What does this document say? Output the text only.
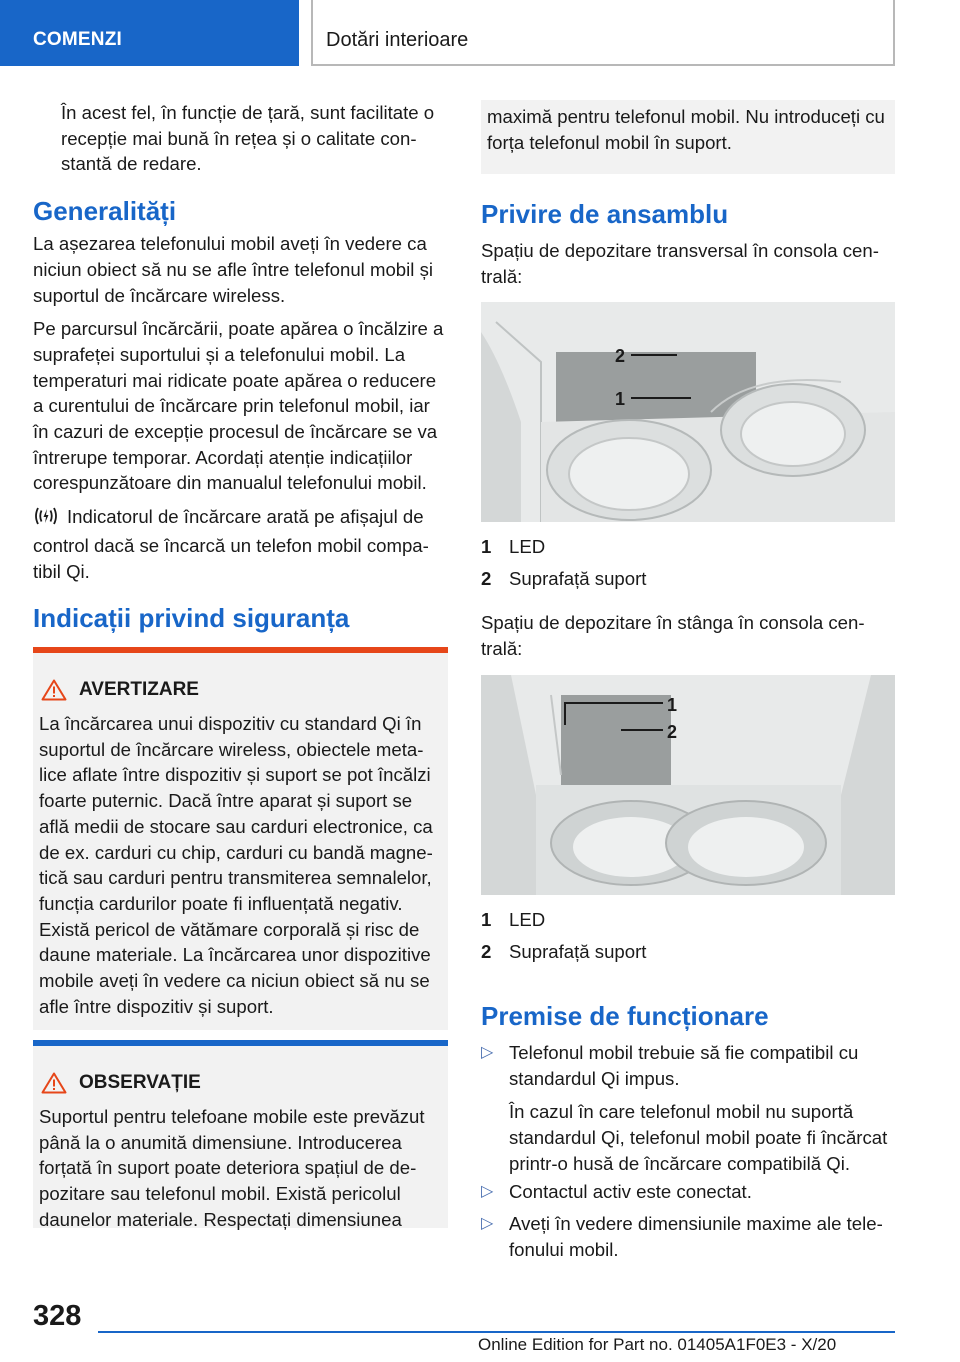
COMENZI	Dotări interioare

În acest fel, în funcție de țară, sunt facilitate o recepție mai bună în rețea și o calitate constantă de redare.

Generalități

La așezarea telefonului mobil aveți în vedere ca niciun obiect să nu se afle între telefonul mobil și suportul de încărcare wireless.

Pe parcursul încărcării, poate apărea o încălzire a suprafeței suportului și a telefonului mobil. La temperaturi mai ridicate poate apărea o reducere a curentului de încărcare prin telefonul mobil, iar în cazuri de excepție procesul de încărcare se va întrerupe temporar. Acordați atenție indicațiilor corespunzătoare din manualul telefonului mobil.

Indicatorul de încărcare arată pe afișajul de control dacă se încarcă un telefon mobil compatibil Qi.

Indicații privind siguranța
AVERTIZARE
La încărcarea unui dispozitiv cu standard Qi în suportul de încărcare wireless, obiectele metalice aflate între dispozitiv și suport se pot încălzi foarte puternic. Dacă între aparat și suport se află medii de stocare sau carduri electronice, ca de ex. carduri cu chip, carduri cu bandă magnetică sau carduri pentru transmiterea semnalelor, funcția cardurilor poate fi influențată negativ. Există pericol de vătămare corporală și risc de daune materiale. La încărcarea unor dispozitive mobile aveți în vedere ca niciun obiect să nu se afle între dispozitiv și suport.
OBSERVAȚIE
Suportul pentru telefoane mobile este prevăzut până la o anumită dimensiune. Introducerea forțată în suport poate deteriora spațiul de depozitare sau telefonul mobil. Există pericolul daunelor materiale. Respectați dimensiunea
maximă pentru telefonul mobil. Nu introduceți cu forța telefonul mobil în suport.
Privire de ansamblu

Spațiu de depozitare transversal în consola centrală:

2
1
1 LED
2 Suprafață suport

Spațiu de depozitare în stânga în consola centrală:

1
2
1 LED
2 Suprafață suport
Premise de funcționare
▷ Telefonul mobil trebuie să fie compatibil cu standardul Qi impus.
În cazul în care telefonul mobil nu suportă standardul Qi, telefonul mobil poate fi încărcat printr-o husă de încărcare compatibilă Qi.
▷ Contactul activ este conectat.
▷ Aveți în vedere dimensiunile maxime ale telefonului mobil.
328
Online Edition for Part no. 01405A1F0E3 - X/20
